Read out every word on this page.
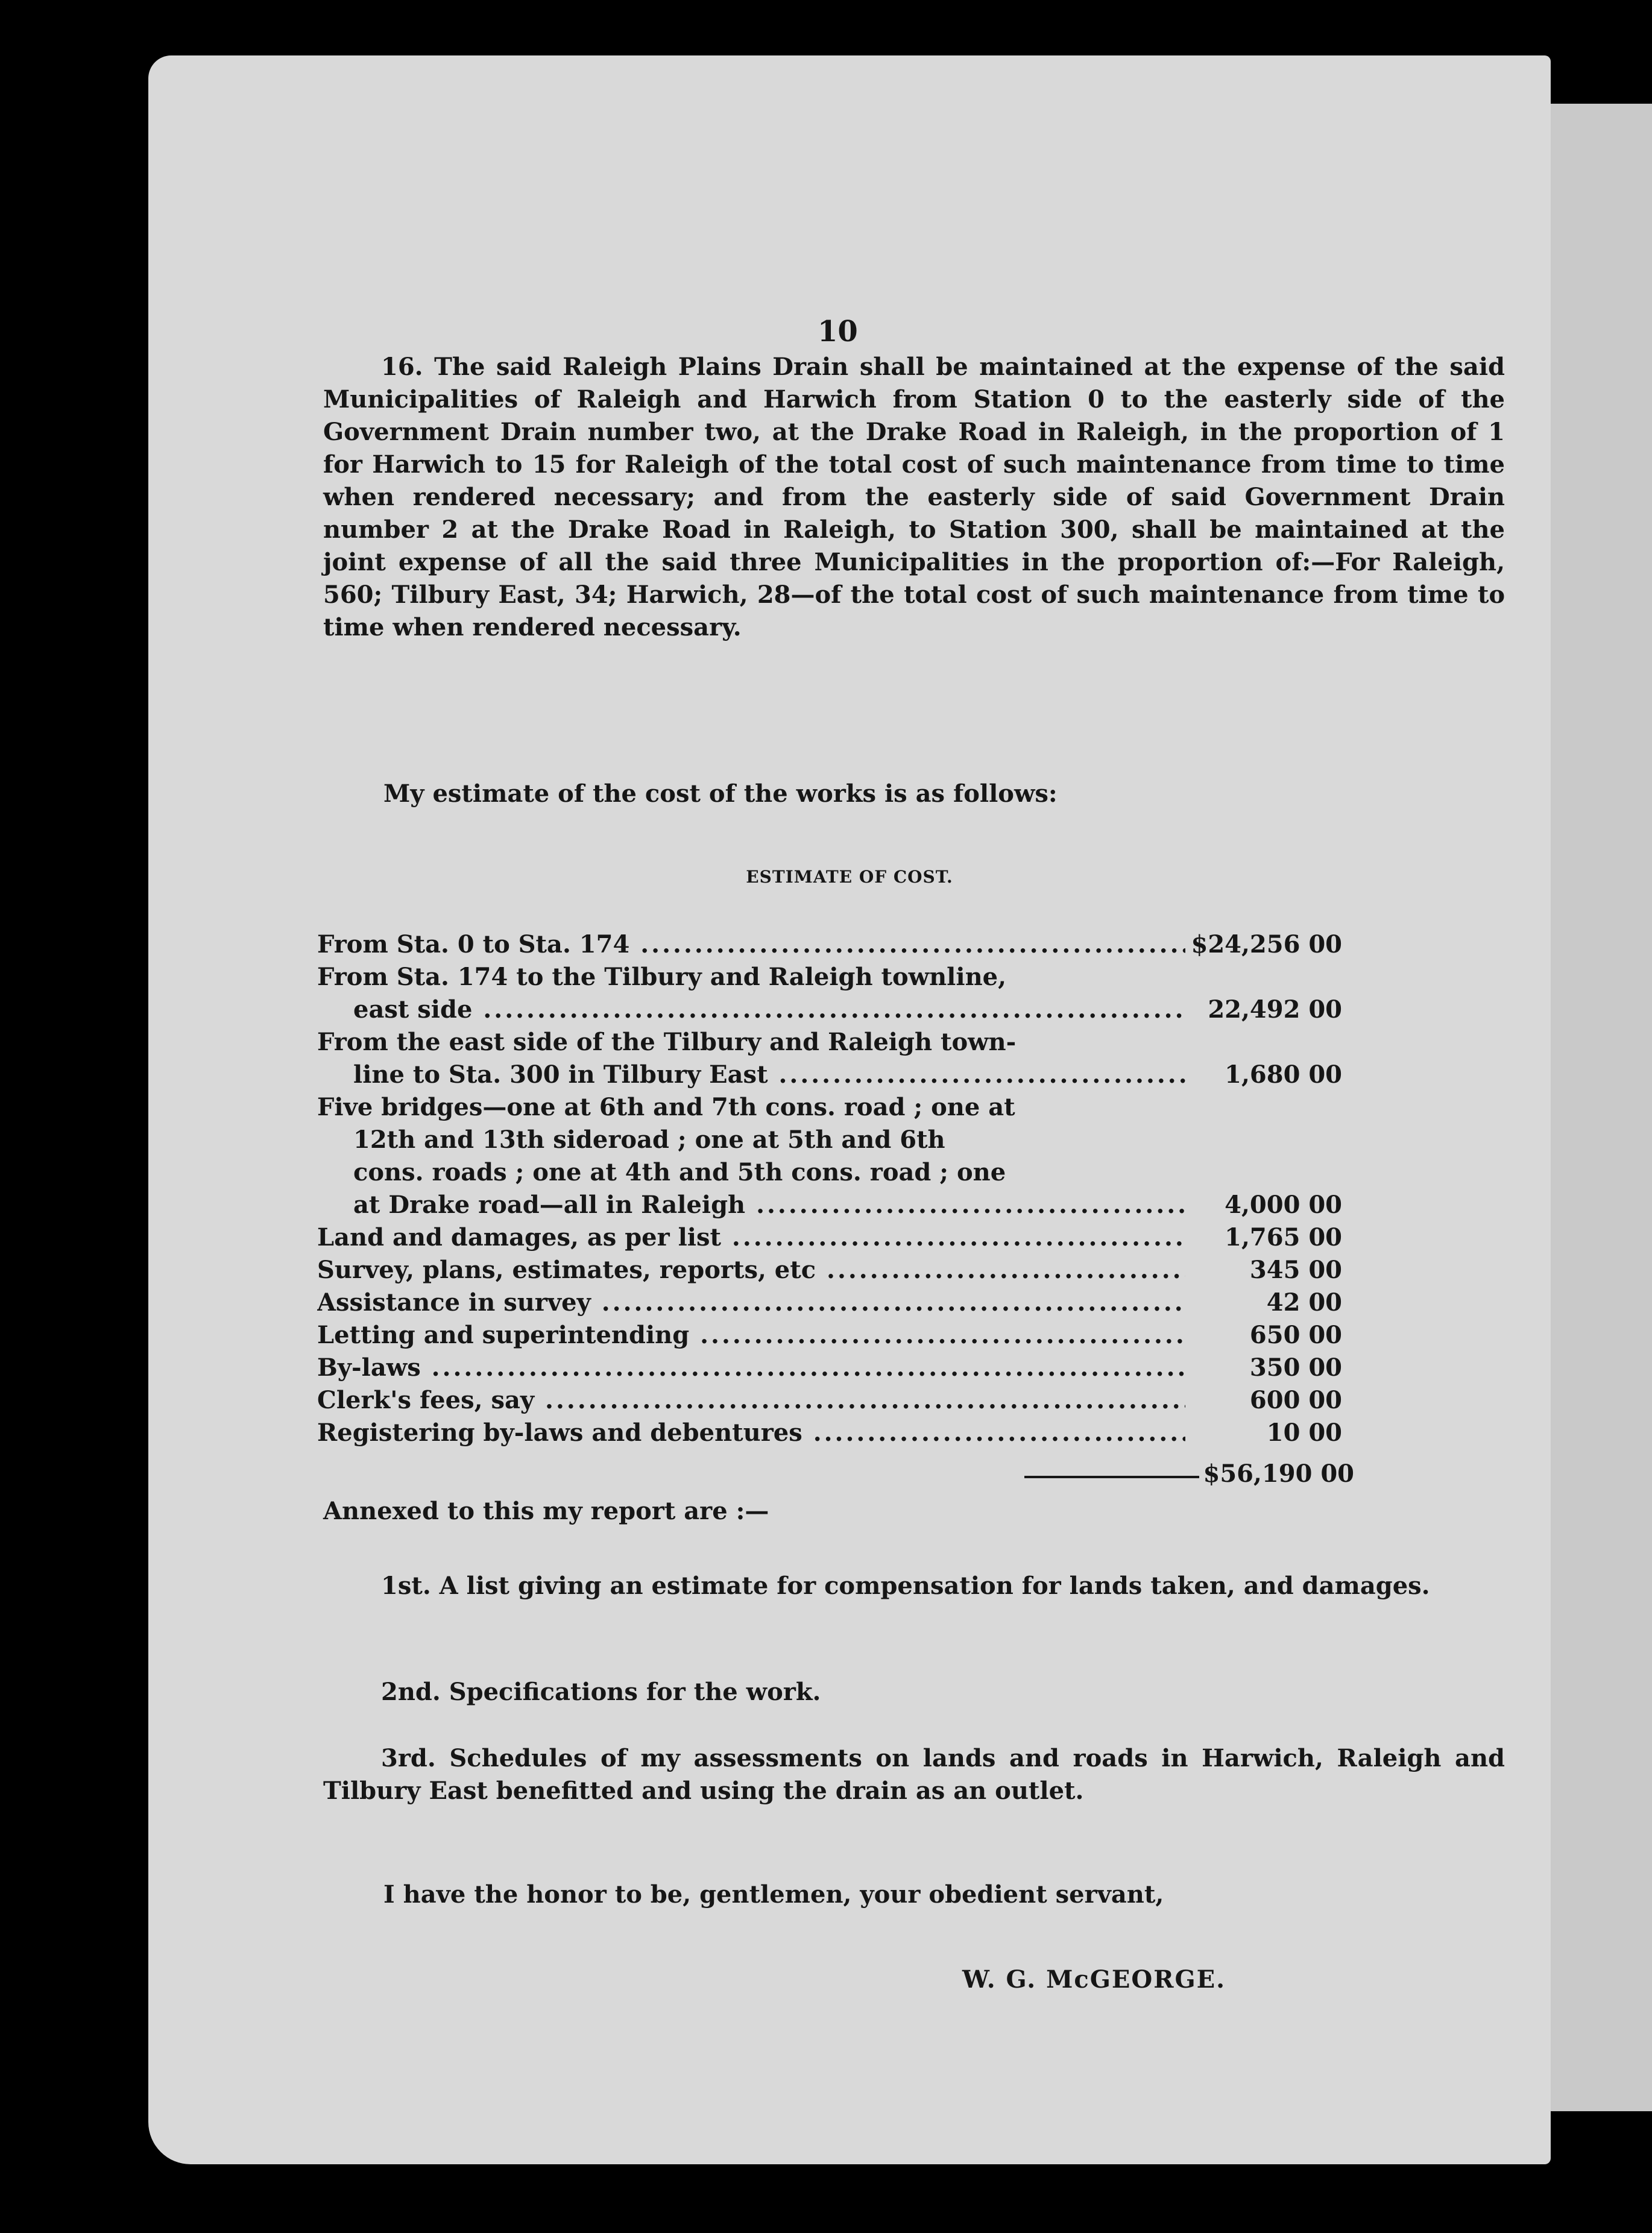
10

16. The said Raleigh Plains Drain shall be maintained at the expense of the said Municipalities of Raleigh and Harwich from Station 0 to the easterly side of the Government Drain number two, at the Drake Road in Raleigh, in the proportion of 1 for Harwich to 15 for Raleigh of the total cost of such maintenance from time to time when rendered necessary; and from the easterly side of said Government Drain number 2 at the Drake Road in Raleigh, to Station 300, shall be maintained at the joint expense of all the said three Municipalities in the proportion of:—For Raleigh, 560; Tilbury East, 34; Harwich, 28—of the total cost of such maintenance from time to time when rendered necessary.

My estimate of the cost of the works is as follows:

ESTIMATE OF COST.
From Sta. 0 to Sta. 174 .....	$24,256 00
From Sta. 174 to the Tilbury and Raleigh townline,
east side .....	22,492 00
From the east side of the Tilbury and Raleigh town-
line to Sta. 300 in Tilbury East .....	1,680 00
Five bridges—one at 6th and 7th cons. road ; one at
12th and 13th sideroad ; one at 5th and 6th
cons. roads ; one at 4th and 5th cons. road ; one
at Drake road—all in Raleigh .....	4,000 00
Land and damages, as per list .....	1,765 00
Survey, plans, estimates, reports, etc .....	345 00
Assistance in survey .....	42 00
Letting and superintending .....	650 00
By-laws .....	350 00
Clerk's fees, say .....	600 00
Registering by-laws and debentures .....	10 00
$56,190 00

Annexed to this my report are :—

1st. A list giving an estimate for compensation for lands taken, and damages.

2nd. Specifications for the work.

3rd. Schedules of my assessments on lands and roads in Harwich, Raleigh and Tilbury East benefitted and using the drain as an outlet.

I have the honor to be, gentlemen, your obedient servant,

W. G. McGEORGE.
